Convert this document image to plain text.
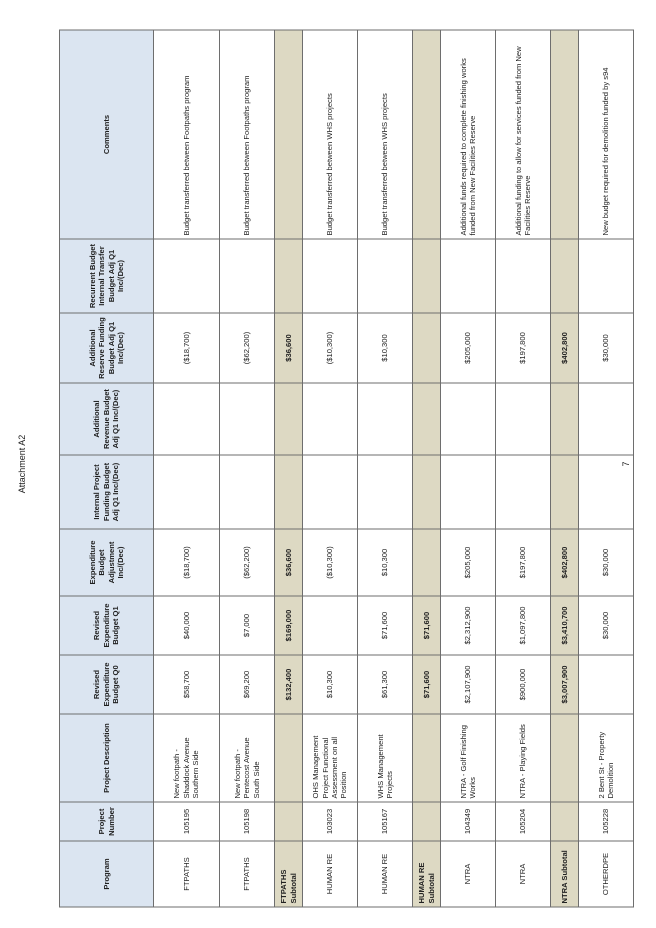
Attachment A2
Program	Project Number	Project Description	Revised Expenditure Budget Q0	Revised Expenditure Budget Q1	Expenditure Budget Adjustment Inc/(Dec)	Internal Project Funding Budget Adj Q1 Inc/(Dec)	Additional Revenue Budget Adj Q1 Inc/(Dec)	Additional Reserve Funding Budget Adj Q1 Inc/(Dec)	Recurrent Budget Internal Transfer Budget Adj Q1 Inc/(Dec)	Comments
FTPATHS	105195	New footpath - Shaddock Avenue Southern Side	$58,700	$40,000	($18,700)			($18,700)		Budget transferred between Footpaths program
FTPATHS	105198	New footpath - Pentecost Avenue South Side	$69,200	$7,000	($62,200)			($62,200)		Budget transferred between Footpaths program
FTPATHS Subtotal			$132,400	$169,000	$36,600			$36,600		
HUMAN RE	103023	OHS Management Project Functional Assessment on all Position	$10,300		($10,300)			($10,300)		Budget transferred between WHS projects
HUMAN RE	105167	WHS Management Projects	$61,300	$71,600	$10,300			$10,300		Budget transferred between WHS projects
HUMAN RE Subtotal			$71,600	$71,600						
NTRA	104349	NTRA - Golf Finishing Works	$2,107,900	$2,312,900	$205,000			$205,000		Additional funds required to complete finishing works funded from New Facilities Reserve
NTRA	105204	NTRA - Playing Fields	$900,000	$1,097,800	$197,800			$197,800		Additional funding to allow for services funded from New Facilities Reserve
NTRA Subtotal			$3,007,900	$3,410,700	$402,800			$402,800		
OTHERDPE	105228	2 Bent St - Property Demolition		$30,000	$30,000			$30,000		New budget required for demolition funded by s94
7
